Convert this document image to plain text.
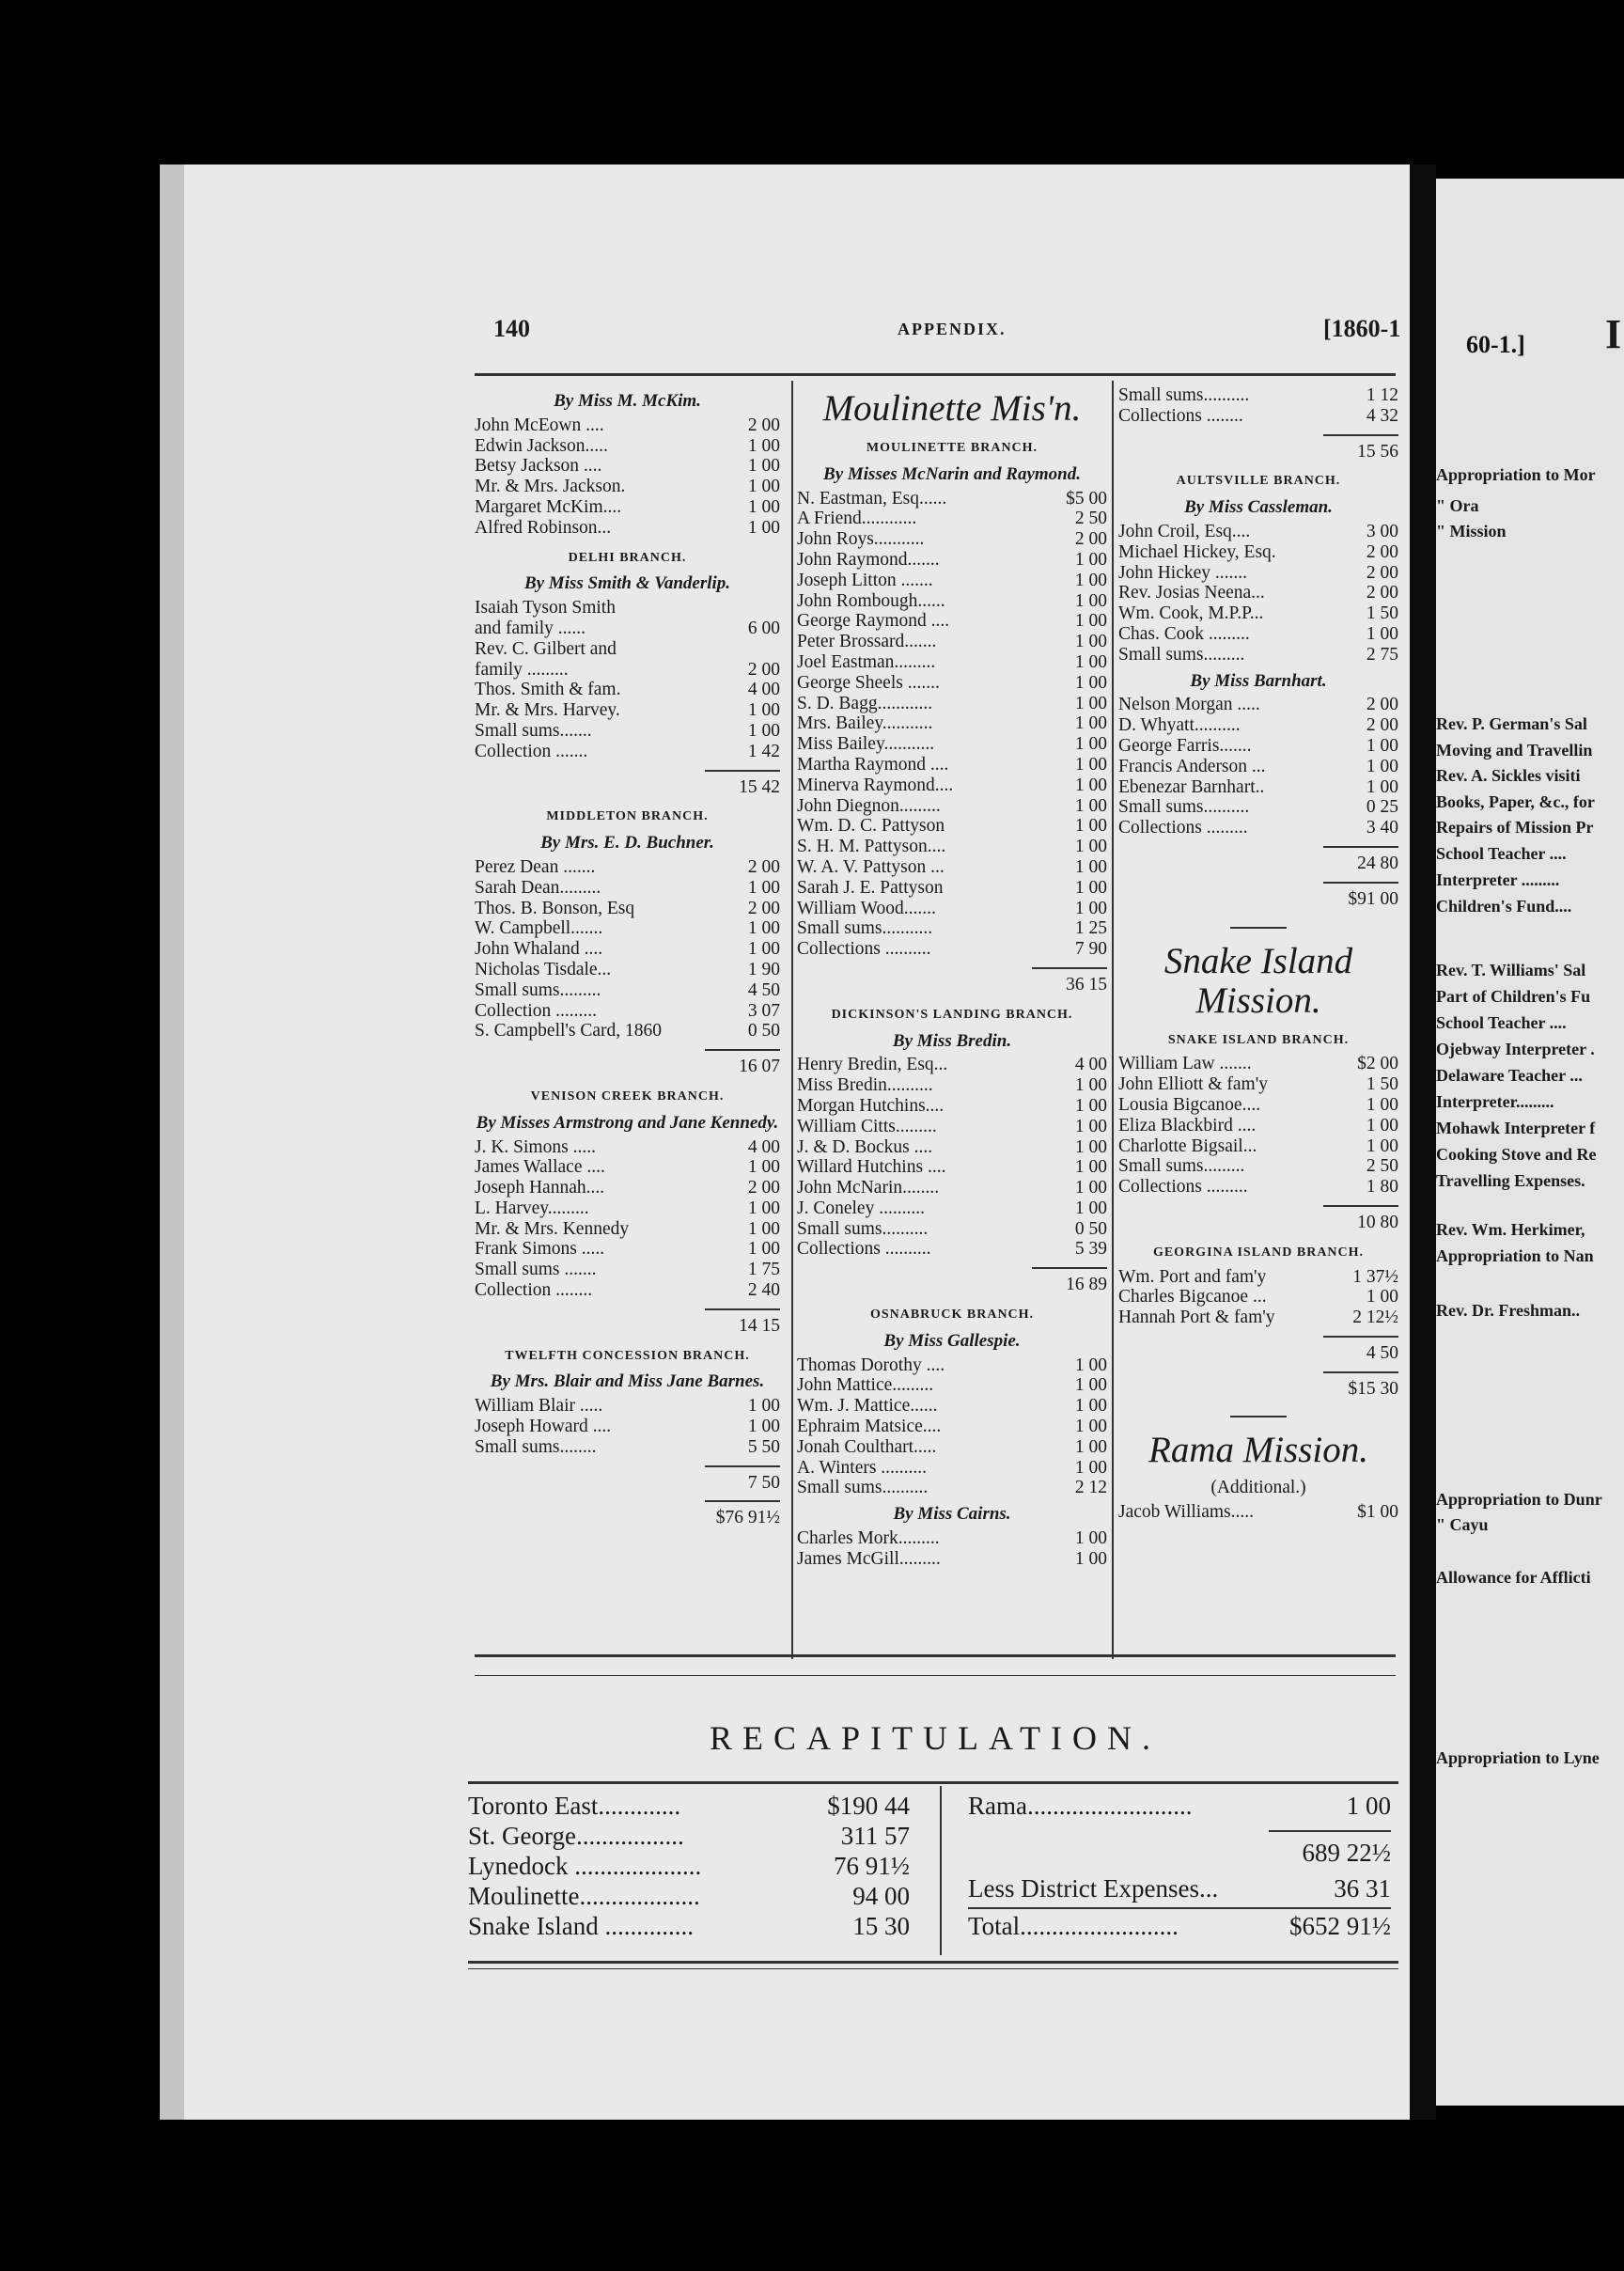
I
Appropriation to Mor
" Ora
" Mission
Rev. P. German's Sal
Moving and Travellin
Rev. A. Sickles visiti
Books, Paper, &c., for
Repairs of Mission Pr
School Teacher ....
Interpreter .........
Children's Fund....
Rev. T. Williams' Sal
Part of Children's Fu
School Teacher ....
Ojebway Interpreter .
Delaware Teacher ...
Interpreter.........
Mohawk Interpreter f
Cooking Stove and Re
Travelling Expenses.
Rev. Wm. Herkimer,
Appropriation to Nan
Rev. Dr. Freshman..
Appropriation to Dunr
" Cayu
Allowance for Afflicti
Appropriation to Lyne
140	APPENDIX.	[1860-1
60-1.]
By Miss M. McKim.
John McEown ....	2 00
Edwin Jackson.....	1 00
Betsy Jackson ....	1 00
Mr. & Mrs. Jackson.	1 00
Margaret McKim....	1 00
Alfred Robinson...	1 00
DELHI BRANCH.
By Miss Smith & Vanderlip.
Isaiah Tyson Smith
and family ......	6 00
Rev. C. Gilbert and
family .........	2 00
Thos. Smith & fam.	4 00
Mr. & Mrs. Harvey.	1 00
Small sums.......	1 00
Collection .......	1 42
15 42
MIDDLETON BRANCH.
By Mrs. E. D. Buchner.
Perez Dean .......	2 00
Sarah Dean.........	1 00
Thos. B. Bonson, Esq	2 00
W. Campbell.......	1 00
John Whaland ....	1 00
Nicholas Tisdale...	1 90
Small sums.........	4 50
Collection .........	3 07
S. Campbell's Card, 1860	0 50
16 07
VENISON CREEK BRANCH.
By Misses Armstrong and Jane Kennedy.
J. K. Simons .....	4 00
James Wallace ....	1 00
Joseph Hannah....	2 00
L. Harvey.........	1 00
Mr. & Mrs. Kennedy	1 00
Frank Simons .....	1 00
Small sums .......	1 75
Collection ........	2 40
14 15
TWELFTH CONCESSION BRANCH.
By Mrs. Blair and Miss Jane Barnes.
William Blair .....	1 00
Joseph Howard ....	1 00
Small sums........	5 50
7 50
$76 91½
Moulinette Mis'n.
MOULINETTE BRANCH.
By Misses McNarin and Raymond.
N. Eastman, Esq......	$5 00
A Friend............	2 50
John Roys...........	2 00
John Raymond.......	1 00
Joseph Litton .......	1 00
John Rombough......	1 00
George Raymond ....	1 00
Peter Brossard.......	1 00
Joel Eastman.........	1 00
George Sheels .......	1 00
S. D. Bagg............	1 00
Mrs. Bailey...........	1 00
Miss Bailey...........	1 00
Martha Raymond ....	1 00
Minerva Raymond....	1 00
John Diegnon.........	1 00
Wm. D. C. Pattyson	1 00
S. H. M. Pattyson....	1 00
W. A. V. Pattyson ...	1 00
Sarah J. E. Pattyson	1 00
William Wood.......	1 00
Small sums...........	1 25
Collections ..........	7 90
36 15
DICKINSON'S LANDING BRANCH.
By Miss Bredin.
Henry Bredin, Esq...	4 00
Miss Bredin..........	1 00
Morgan Hutchins....	1 00
William Citts.........	1 00
J. & D. Bockus ....	1 00
Willard Hutchins ....	1 00
John McNarin........	1 00
J. Coneley ..........	1 00
Small sums..........	0 50
Collections ..........	5 39
16 89
OSNABRUCK BRANCH.
By Miss Gallespie.
Thomas Dorothy ....	1 00
John Mattice.........	1 00
Wm. J. Mattice......	1 00
Ephraim Matsice....	1 00
Jonah Coulthart.....	1 00
A. Winters ..........	1 00
Small sums..........	2 12
By Miss Cairns.
Charles Mork.........	1 00
James McGill.........	1 00
Small sums..........	1 12
Collections ........	4 32
15 56
AULTSVILLE BRANCH.
By Miss Cassleman.
John Croil, Esq....	3 00
Michael Hickey, Esq.	2 00
John Hickey .......	2 00
Rev. Josias Neena...	2 00
Wm. Cook, M.P.P...	1 50
Chas. Cook .........	1 00
Small sums.........	2 75
By Miss Barnhart.
Nelson Morgan .....	2 00
D. Whyatt..........	2 00
George Farris.......	1 00
Francis Anderson ...	1 00
Ebenezar Barnhart..	1 00
Small sums..........	0 25
Collections .........	3 40
24 80
$91 00
Snake Island Mission.
SNAKE ISLAND BRANCH.
William Law .......	$2 00
John Elliott & fam'y	1 50
Lousia Bigcanoe....	1 00
Eliza Blackbird ....	1 00
Charlotte Bigsail...	1 00
Small sums.........	2 50
Collections .........	1 80
10 80
GEORGINA ISLAND BRANCH.
Wm. Port and fam'y	1 37½
Charles Bigcanoe ...	1 00
Hannah Port & fam'y	2 12½
4 50
$15 30
Rama Mission.
(Additional.)
Jacob Williams.....	$1 00
RECAPITULATION.
Toronto East.............	$190 44
St. George.................	311 57
Lynedock ....................	76 91½
Moulinette...................	94 00
Snake Island ..............	15 30
Rama..........................	1 00
689 22½
Less District Expenses...	36 31
Total.........................	$652 91½
